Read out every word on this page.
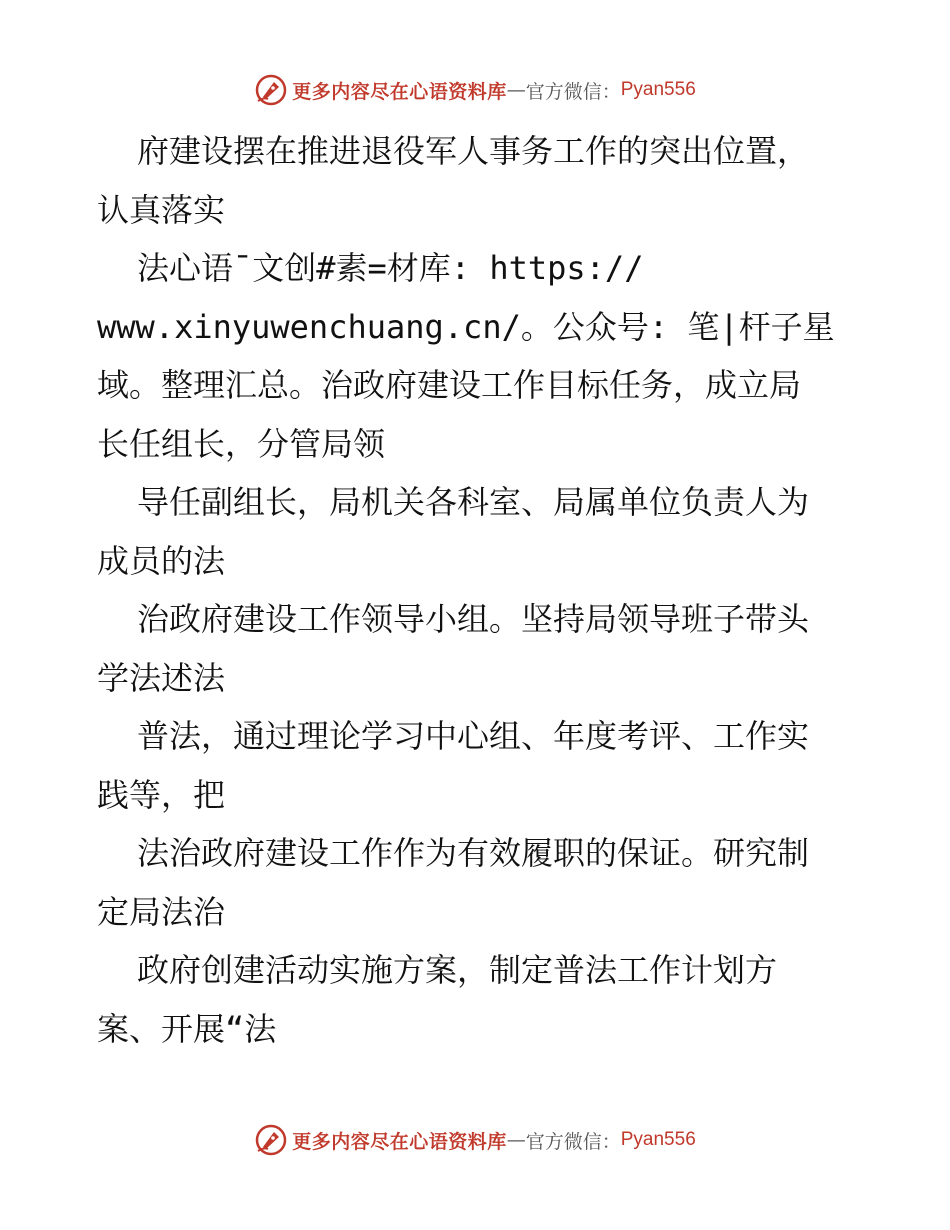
更多内容尽在心语资料库 — 官方微信： Pyan556

府建设摆在推进退役军人事务工作的突出位置，

认真落实

法心语¯文创#素=材库: https://

www.xinyuwenchuang.cn/。公众号: 笔|杆子星

域。整理汇总。治政府建设工作目标任务，成立局

长任组长，分管局领

导任副组长，局机关各科室、局属单位负责人为

成员的法

治政府建设工作领导小组。坚持局领导班子带头

学法述法

普法，通过理论学习中心组、年度考评、工作实

践等，把

法治政府建设工作作为有效履职的保证。研究制

定局法治

政府创建活动实施方案，制定普法工作计划方

案、开展“法

更多内容尽在心语资料库 — 官方微信： Pyan556
